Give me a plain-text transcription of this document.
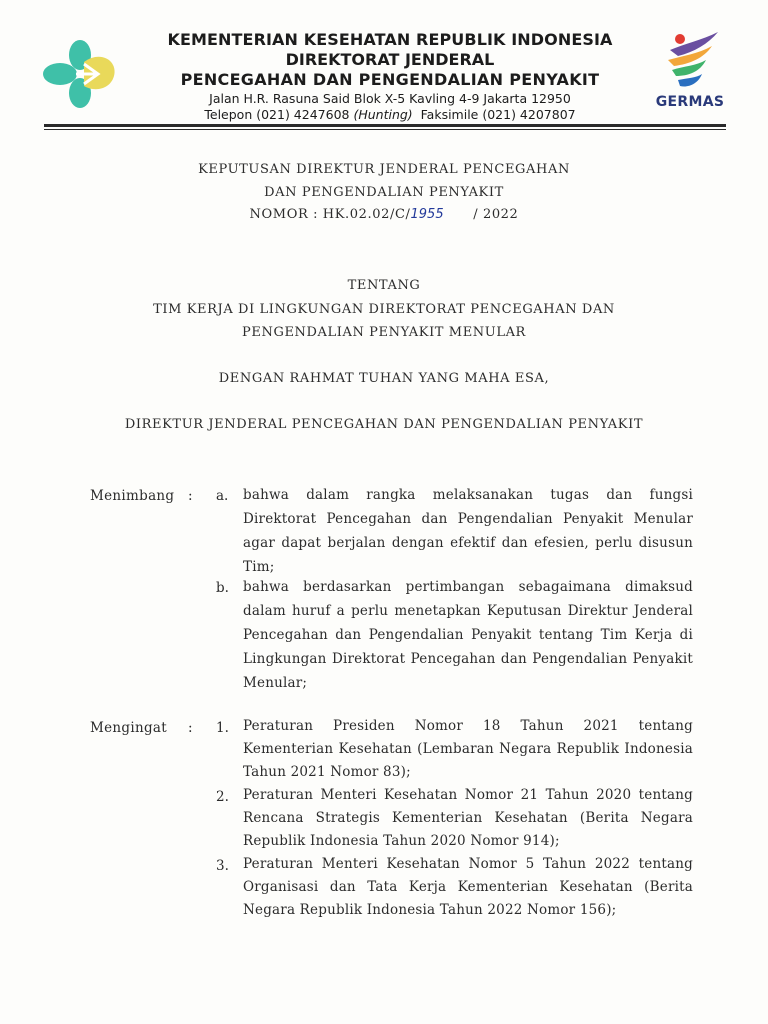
KEMENTERIAN KESEHATAN REPUBLIK INDONESIA
DIREKTORAT JENDERAL
PENCEGAHAN DAN PENGENDALIAN PENYAKIT
Jalan H.R. Rasuna Said Blok X-5 Kavling 4-9 Jakarta 12950
Telepon (021) 4247608 (Hunting)  Faksimile (021) 4207807
GERMAS
KEPUTUSAN DIREKTUR JENDERAL PENCEGAHAN
DAN PENGENDALIAN PENYAKIT
NOMOR : HK.02.02/C/1955 / 2022
TENTANG
TIM KERJA DI LINGKUNGAN DIREKTORAT PENCEGAHAN DAN
PENGENDALIAN PENYAKIT MENULAR
DENGAN RAHMAT TUHAN YANG MAHA ESA,
DIREKTUR JENDERAL PENCEGAHAN DAN PENGENDALIAN PENYAKIT
Menimbang : a. bahwa dalam rangka melaksanakan tugas dan fungsi Direktorat Pencegahan dan Pengendalian Penyakit Menular agar dapat berjalan dengan efektif dan efesien, perlu disusun Tim;
b. bahwa berdasarkan pertimbangan sebagaimana dimaksud dalam huruf a perlu menetapkan Keputusan Direktur Jenderal Pencegahan dan Pengendalian Penyakit tentang Tim Kerja di Lingkungan Direktorat Pencegahan dan Pengendalian Penyakit Menular;
Mengingat : 1. Peraturan Presiden Nomor 18 Tahun 2021 tentang Kementerian Kesehatan (Lembaran Negara Republik Indonesia Tahun 2021 Nomor 83);
2. Peraturan Menteri Kesehatan Nomor 21 Tahun 2020 tentang Rencana Strategis Kementerian Kesehatan (Berita Negara Republik Indonesia Tahun 2020 Nomor 914);
3. Peraturan Menteri Kesehatan Nomor 5 Tahun 2022 tentang Organisasi dan Tata Kerja Kementerian Kesehatan (Berita Negara Republik Indonesia Tahun 2022 Nomor 156);
